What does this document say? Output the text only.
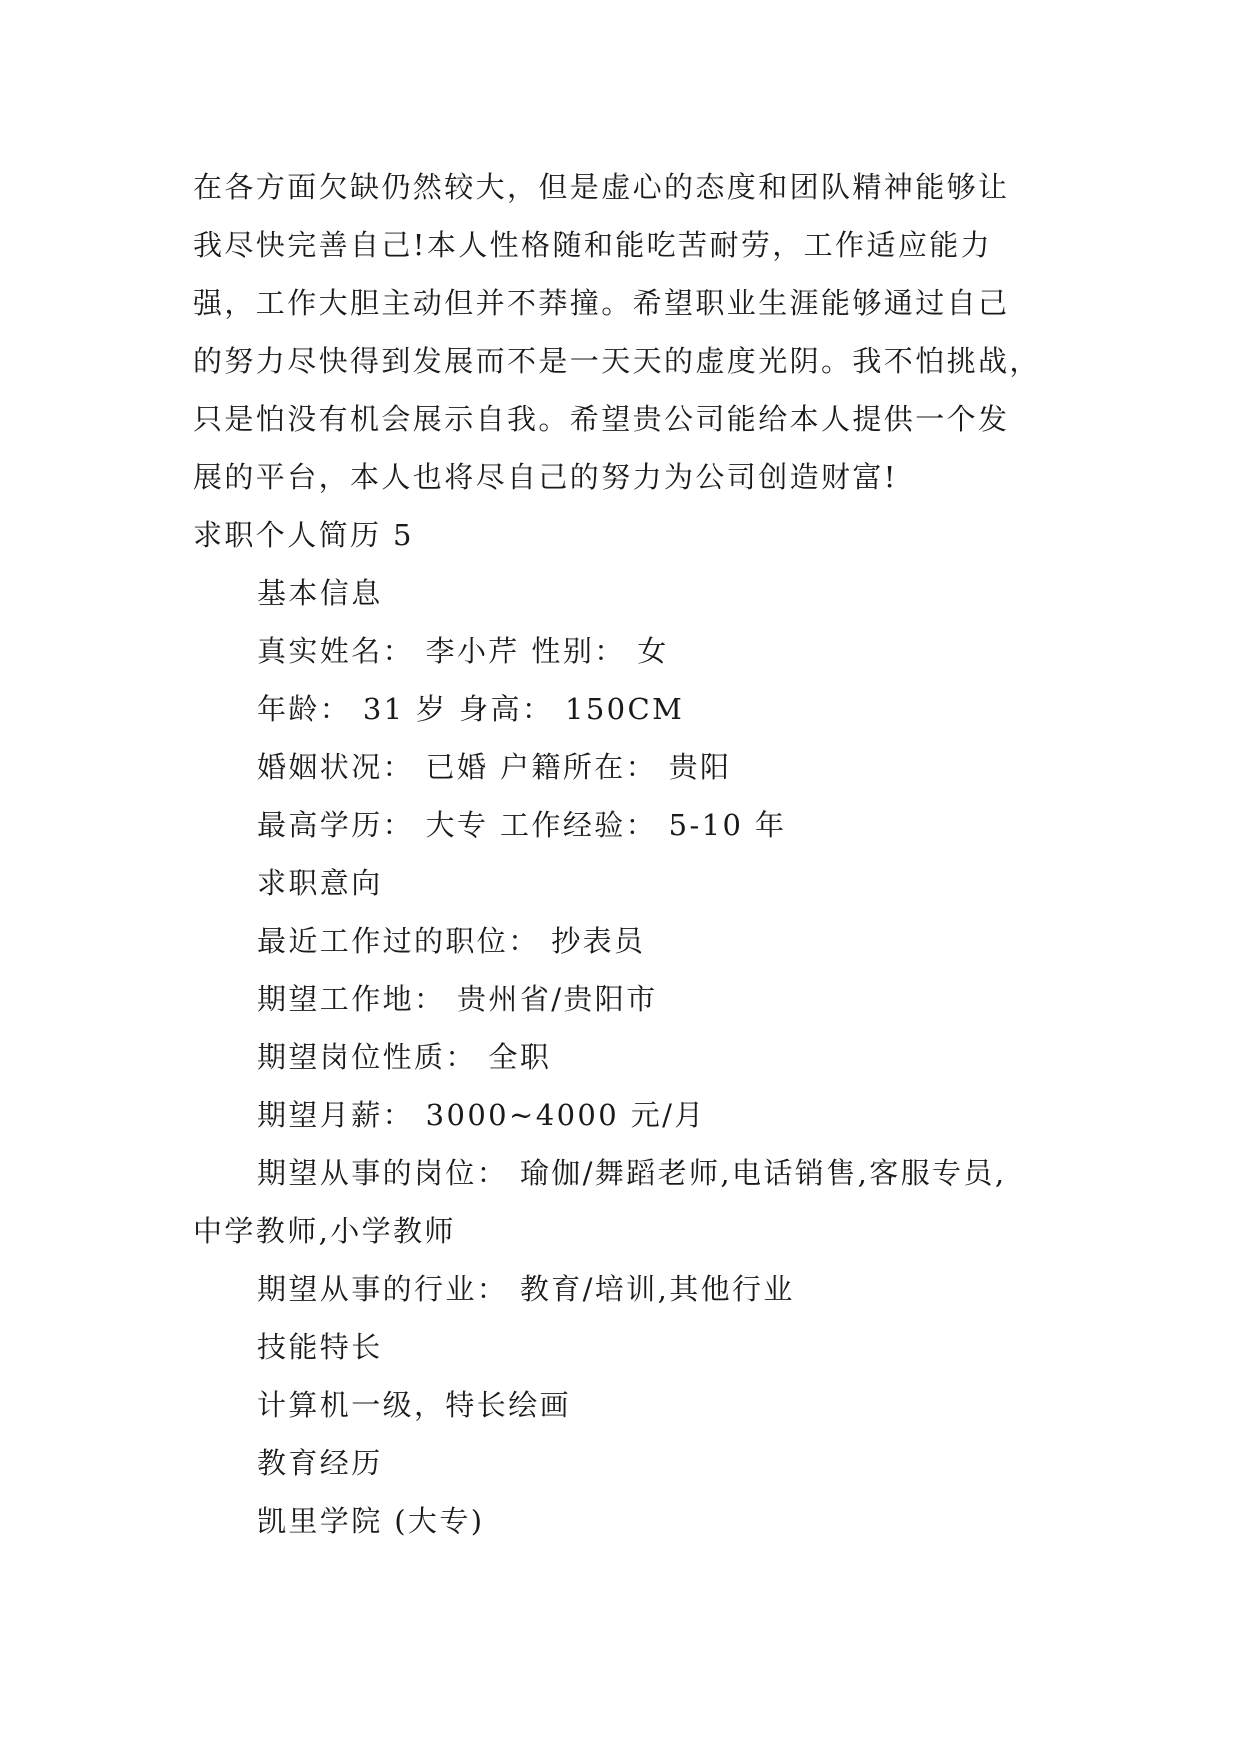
在各方面欠缺仍然较大，但是虚心的态度和团队精神能够让
我尽快完善自己!本人性格随和能吃苦耐劳，工作适应能力
强，工作大胆主动但并不莽撞。希望职业生涯能够通过自己
的努力尽快得到发展而不是一天天的虚度光阴。我不怕挑战，
只是怕没有机会展示自我。希望贵公司能给本人提供一个发
展的平台，本人也将尽自己的努力为公司创造财富!
求职个人简历 5
基本信息
真实姓名： 李小芹 性别： 女
年龄： 31 岁 身高： 150CM
婚姻状况： 已婚 户籍所在： 贵阳
最高学历： 大专 工作经验： 5-10 年
求职意向
最近工作过的职位： 抄表员
期望工作地： 贵州省/贵阳市
期望岗位性质： 全职
期望月薪： 3000~4000 元/月
期望从事的岗位： 瑜伽/舞蹈老师,电话销售,客服专员,
中学教师,小学教师
期望从事的行业： 教育/培训,其他行业
技能特长
计算机一级，特长绘画
教育经历
凯里学院 (大专)
